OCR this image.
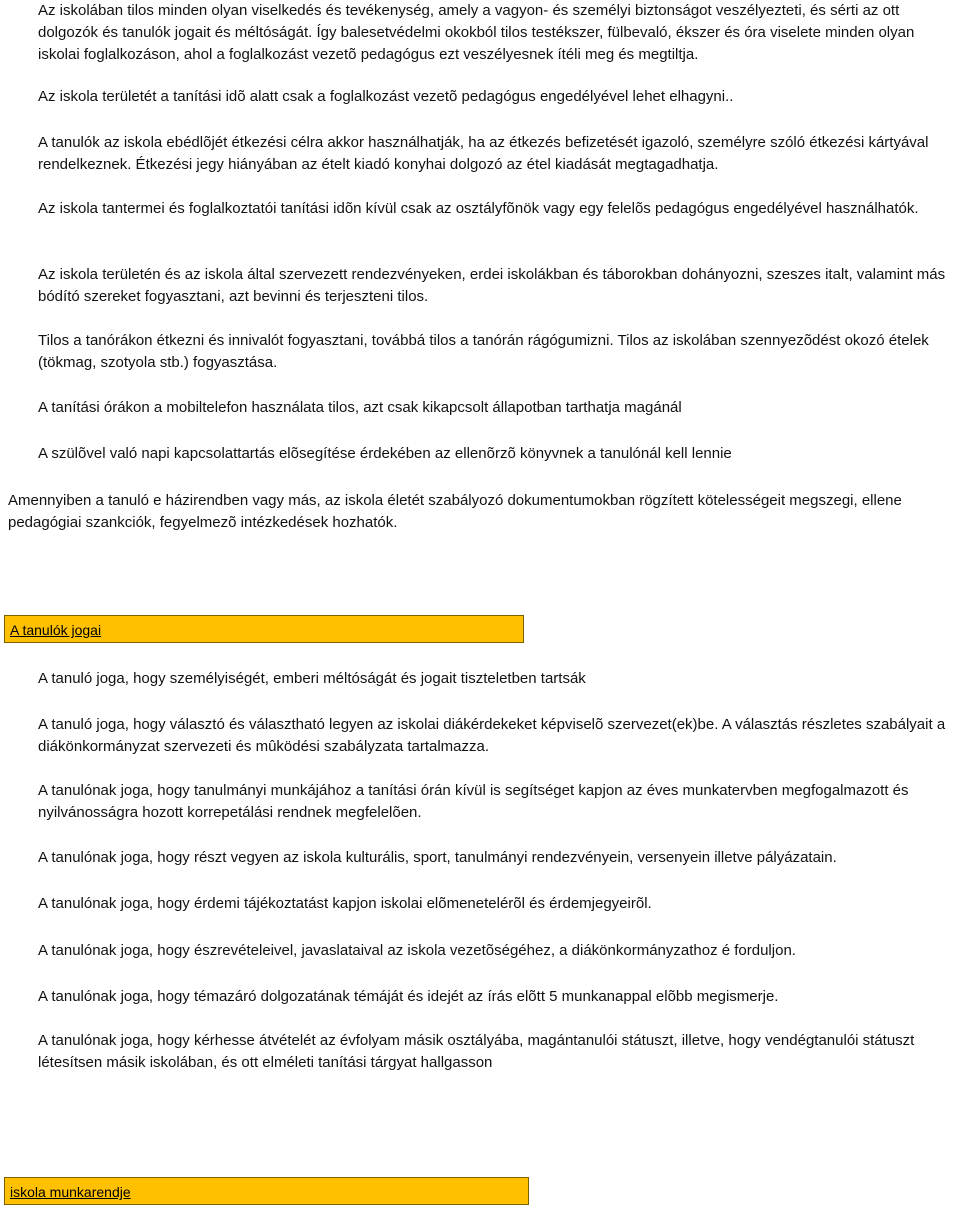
Az iskolában tilos minden olyan viselkedés és tevékenység, amely a vagyon- és személyi biztonságot veszélyezteti, és sérti az ott dolgozók és tanulók jogait és méltóságát. Így balesetvédelmi okokból tilos testékszer, fülbevaló, ékszer és óra viselete minden olyan iskolai foglalkozáson, ahol a foglalkozást vezetõ pedagógus ezt veszélyesnek ítéli meg és megtiltja.

Az iskola területét a tanítási idõ alatt csak a foglalkozást vezetõ pedagógus engedélyével lehet elhagyni..

A tanulók az iskola ebédlõjét étkezési célra akkor használhatják, ha az étkezés befizetését igazoló, személyre szóló étkezési kártyával rendelkeznek. Étkezési jegy hiányában az ételt kiadó konyhai dolgozó az étel kiadását megtagadhatja.

Az iskola tantermei és foglalkoztatói tanítási idõn kívül csak az osztályfõnök vagy egy felelõs pedagógus engedélyével használhatók.

Az iskola területén és az iskola által szervezett rendezvényeken, erdei iskolákban és táborokban dohányozni, szeszes italt, valamint más bódító szereket fogyasztani, azt bevinni és terjeszteni tilos.

Tilos a tanórákon étkezni és innivalót fogyasztani, továbbá tilos a tanórán rágógumizni. Tilos az iskolában szennyezõdést okozó ételek (tökmag, szotyola stb.) fogyasztása.

A tanítási órákon a mobiltelefon használata tilos, azt csak kikapcsolt állapotban tarthatja magánál

A szülõvel való napi kapcsolattartás elõsegítése érdekében az ellenõrzõ könyvnek a tanulónál kell lennie

Amennyiben a tanuló e házirendben vagy más, az iskola életét szabályozó dokumentumokban rögzített kötelességeit megszegi, ellene pedagógiai szankciók, fegyelmezõ intézkedések hozhatók.

A tanulók jogai

A tanuló joga, hogy személyiségét, emberi méltóságát és jogait tiszteletben tartsák

A tanuló joga, hogy választó és választható legyen az iskolai diákérdekeket képviselõ szervezet(ek)be. A választás részletes szabályait a diákönkormányzat szervezeti és mûködési szabályzata tartalmazza.

A tanulónak joga, hogy tanulmányi munkájához a tanítási órán kívül is segítséget kapjon az éves munkatervben megfogalmazott és nyilvánosságra hozott korrepetálási rendnek megfelelõen.

A tanulónak joga, hogy részt vegyen az iskola kulturális, sport, tanulmányi rendezvényein, versenyein illetve pályázatain.

A tanulónak joga, hogy érdemi tájékoztatást kapjon iskolai elõmenetelérõl és érdemjegyeirõl.

A tanulónak joga, hogy észrevételeivel, javaslataival az iskola vezetõségéhez, a diákönkormányzathoz é forduljon.

A tanulónak joga, hogy témazáró dolgozatának témáját és idejét az írás elõtt 5 munkanappal elõbb megismerje.

A tanulónak joga, hogy kérhesse átvételét az évfolyam másik osztályába, magántanulói státuszt, illetve, hogy vendégtanulói státuszt létesítsen másik iskolában, és ott elméleti tanítási tárgyat hallgasson

iskola munkarendje
